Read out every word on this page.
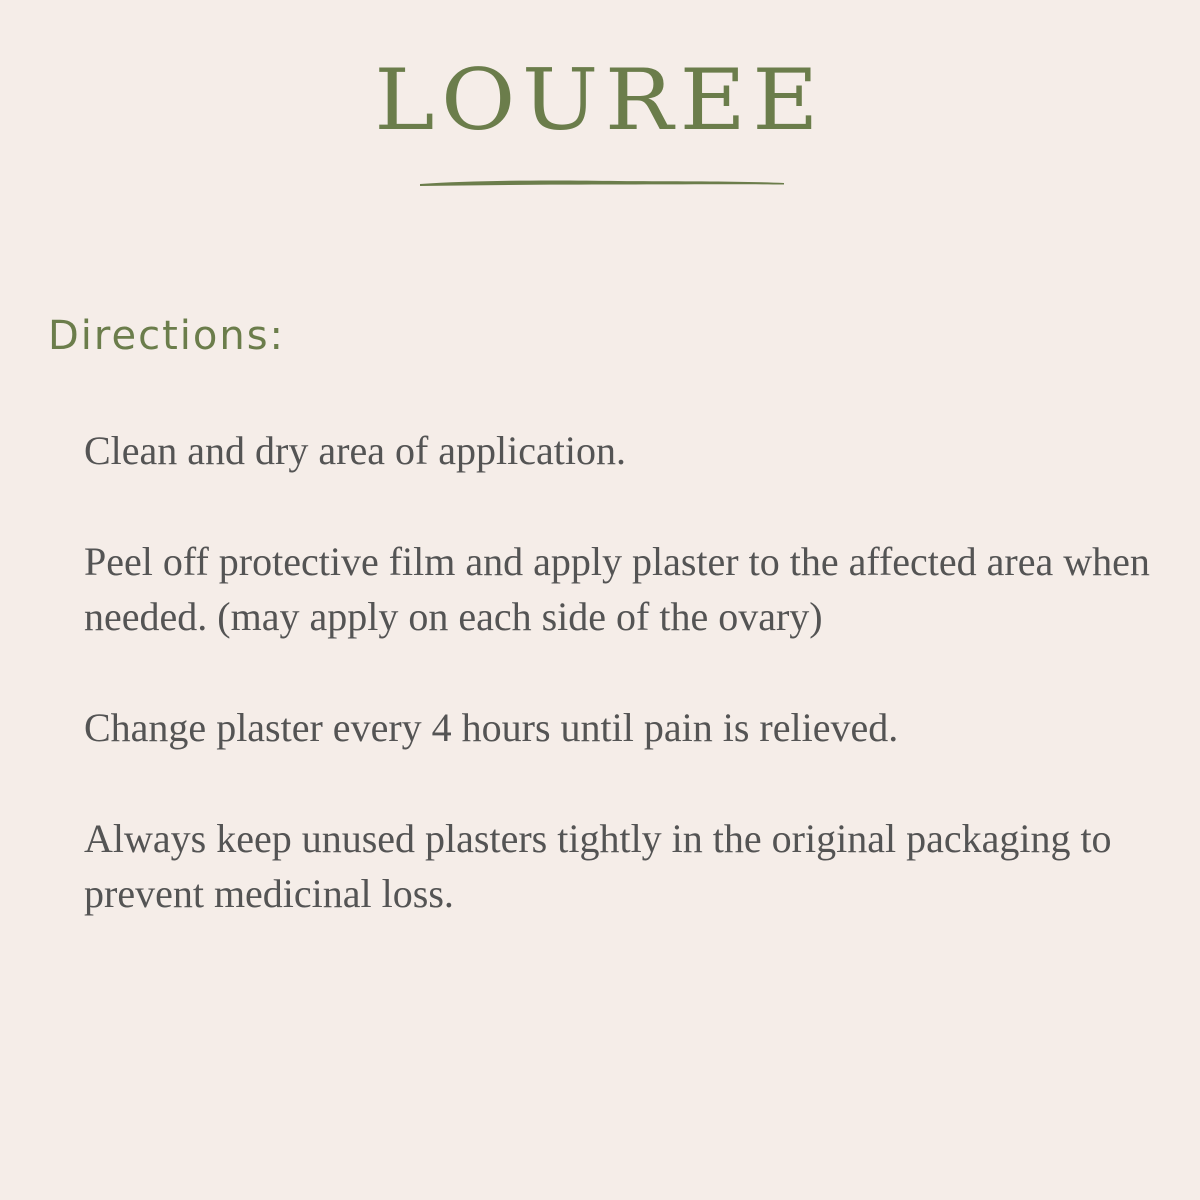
LOUREE
Directions:
Clean and dry area of application.
Peel off protective film and apply plaster to the affected area when needed. (may apply on each side of the ovary)
Change plaster every 4 hours until pain is relieved.
Always keep unused plasters tightly in the original packaging to prevent medicinal loss.
